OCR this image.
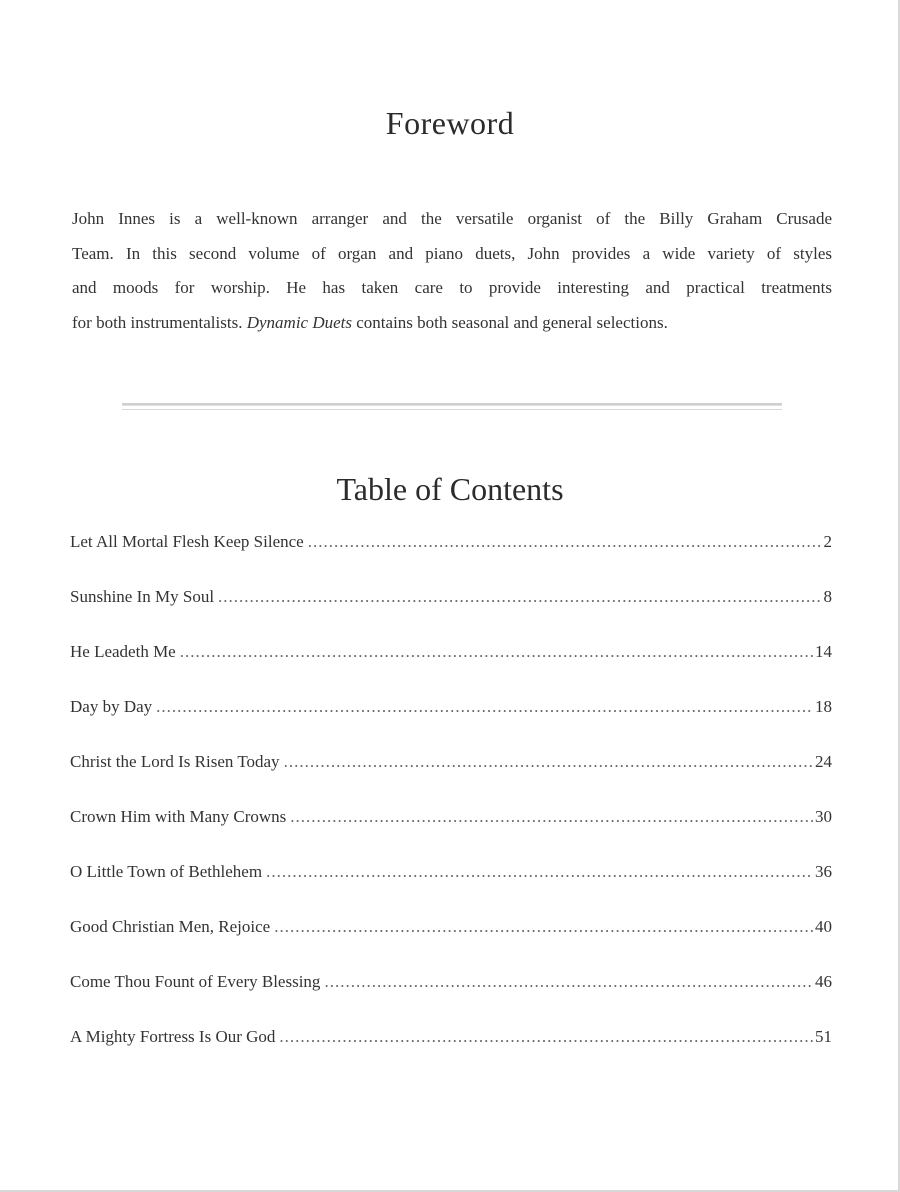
Foreword

John Innes is a well-known arranger and the versatile organist of the Billy Graham Crusade
Team. In this second volume of organ and piano duets, John provides a wide variety of styles
and moods for worship. He has taken care to provide interesting and practical treatments
for both instrumentalists. Dynamic Duets contains both seasonal and general selections.

Table of Contents
Let All Mortal Flesh Keep Silence .....	2
Sunshine In My Soul .....	8
He Leadeth Me .....	14
Day by Day .....	18
Christ the Lord Is Risen Today .....	24
Crown Him with Many Crowns .....	30
O Little Town of Bethlehem .....	36
Good Christian Men, Rejoice .....	40
Come Thou Fount of Every Blessing .....	46
A Mighty Fortress Is Our God .....	51
